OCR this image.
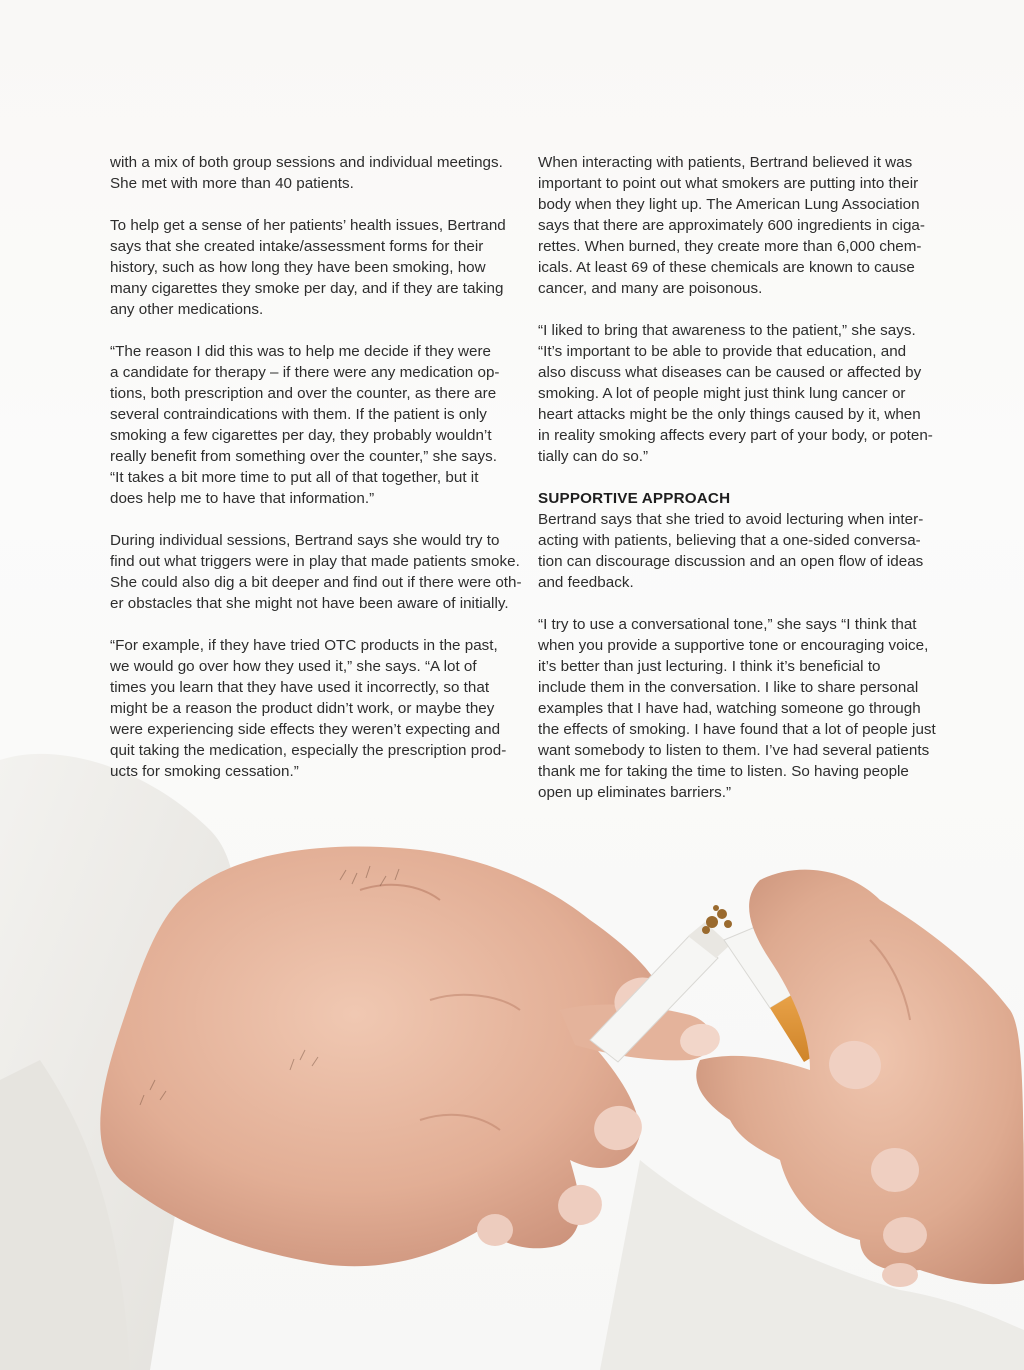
with a mix of both group sessions and individual meetings.
She met with more than 40 patients.

To help get a sense of her patients’ health issues, Bertrand
says that she created intake/assessment forms for their
history, such as how long they have been smoking, how
many cigarettes they smoke per day, and if they are taking
any other medications.

“The reason I did this was to help me decide if they were
a candidate for therapy – if there were any medication op-
tions, both prescription and over the counter, as there are
several contraindications with them. If the patient is only
smoking a few cigarettes per day, they probably wouldn’t
really benefit from something over the counter,” she says.
“It takes a bit more time to put all of that together, but it
does help me to have that information.”

During individual sessions, Bertrand says she would try to
find out what triggers were in play that made patients smoke.
She could also dig a bit deeper and find out if there were oth-
er obstacles that she might not have been aware of initially.

“For example, if they have tried OTC products in the past,
we would go over how they used it,” she says. “A lot of
times you learn that they have used it incorrectly, so that
might be a reason the product didn’t work, or maybe they
were experiencing side effects they weren’t expecting and
quit taking the medication, especially the prescription prod-
ucts for smoking cessation.”

When interacting with patients, Bertrand believed it was
important to point out what smokers are putting into their
body when they light up. The American Lung Association
says that there are approximately 600 ingredients in ciga-
rettes. When burned, they create more than 6,000 chem-
icals. At least 69 of these chemicals are known to cause
cancer, and many are poisonous.

“I liked to bring that awareness to the patient,” she says.
“It’s important to be able to provide that education, and
also discuss what diseases can be caused or affected by
smoking. A lot of people might just think lung cancer or
heart attacks might be the only things caused by it, when
in reality smoking affects every part of your body, or poten-
tially can do so.”

SUPPORTIVE APPROACH
Bertrand says that she tried to avoid lecturing when inter-
acting with patients, believing that a one-sided conversa-
tion can discourage discussion and an open flow of ideas
and feedback.

“I try to use a conversational tone,” she says “I think that
when you provide a supportive tone or encouraging voice,
it’s better than just lecturing. I think it’s beneficial to
include them in the conversation. I like to share personal
examples that I have had, watching someone go through
the effects of smoking. I have found that a lot of people just
want somebody to listen to them. I’ve had several patients
thank me for taking the time to listen. So having people
open up eliminates barriers.”
